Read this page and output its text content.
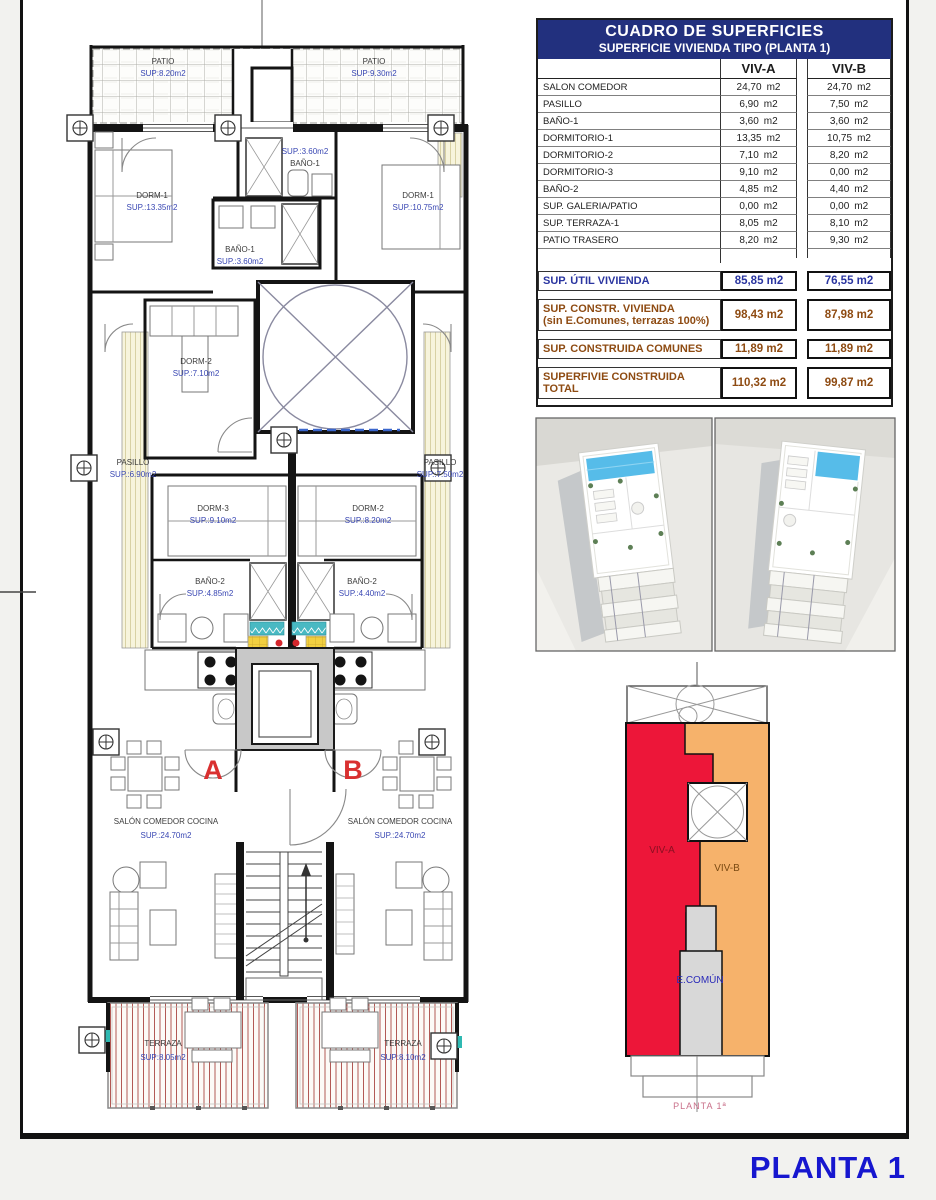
PATIO
SUP:8.20m2
PATIO
SUP:9.30m2
A	B
DORM-1
SUP.:13.35m2
SUP.:3.60m2
BAÑO-1
DORM-1
SUP.:10.75m2
BAÑO-1
SUP.:3.60m2
DORM-2
SUP.:7.10m2
PASILLO
SUP.:6.90m2
PASILLO
SUP.:7.50m2
DORM-3
SUP.:9.10m2
DORM-2
SUP.:8.20m2
BAÑO-2
SUP.:4.85m2
BAÑO-2
SUP.:4.40m2
SALÓN COMEDOR COCINA
SUP.:24.70m2
SALÓN COMEDOR COCINA
SUP.:24.70m2
TERRAZA
SUP:8.05m2
TERRAZA
SUP:8.10m2
VIV-A
VIV-B
E.COMÚN
PLANTA 1ª
CUADRO DE SUPERFICIES
SUPERFICIE VIVIENDA TIPO (PLANTA 1)
VIV-A	VIV-B
SALON COMEDOR	24,70 m2	24,70 m2
PASILLO	6,90 m2	7,50 m2
BAÑO-1	3,60 m2	3,60 m2
DORMITORIO-1	13,35 m2	10,75 m2
DORMITORIO-2	7,10 m2	8,20 m2
DORMITORIO-3	9,10 m2	0,00 m2
BAÑO-2	4,85 m2	4,40 m2
SUP. GALERIA/PATIO	0,00 m2	0,00 m2
SUP. TERRAZA-1	8,05 m2	8,10 m2
PATIO TRASERO	8,20 m2	9,30 m2
SUP. ÚTIL VIVIENDA	85,85 m2	76,55 m2
SUP. CONSTR. VIVIENDA
(sin E.Comunes, terrazas 100%)
98,43 m2	87,98 m2
SUP. CONSTRUIDA COMUNES	11,89 m2	11,89 m2
SUPERFIVIE CONSTRUIDA
TOTAL
110,32 m2	99,87 m2
PLANTA 1
